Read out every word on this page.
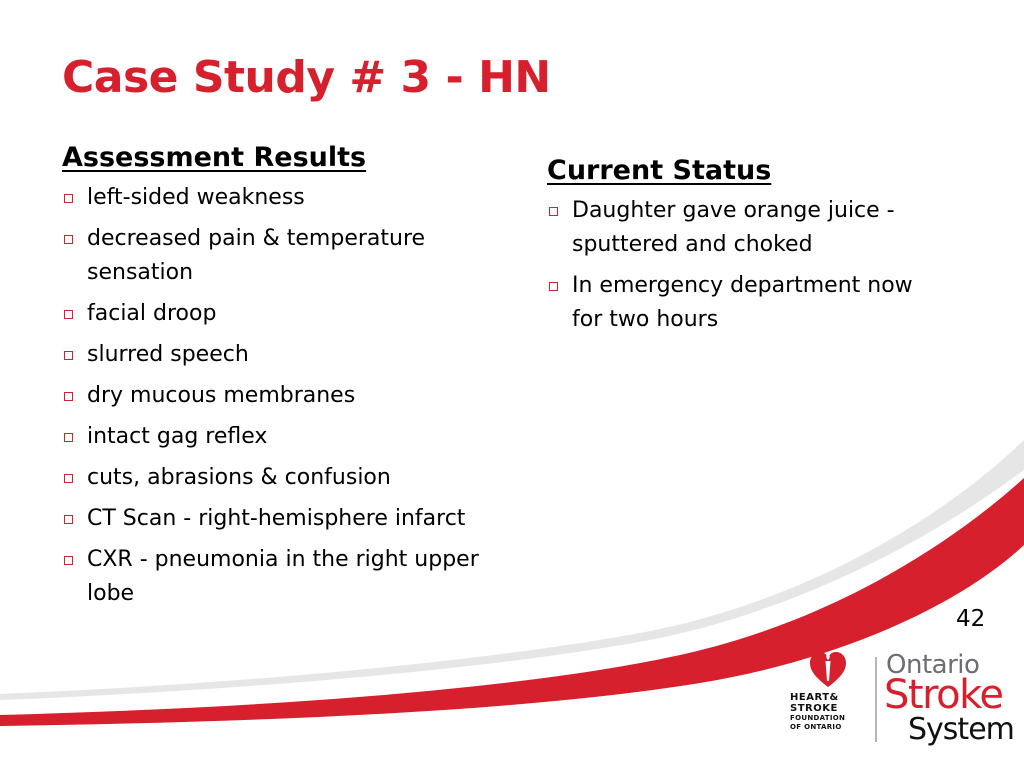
Case Study # 3 - HN
Assessment Results
left-sided weakness
decreased pain & temperature sensation
facial droop
slurred speech
dry mucous membranes
intact gag reflex
cuts, abrasions & confusion
CT Scan - right-hemisphere infarct
CXR - pneumonia in the right upper lobe
Current Status
Daughter gave orange juice - sputtered and choked
In emergency department now for two hours
42
HEART&
STROKE
FOUNDATION
OF ONTARIO
Ontario
Stroke
System
